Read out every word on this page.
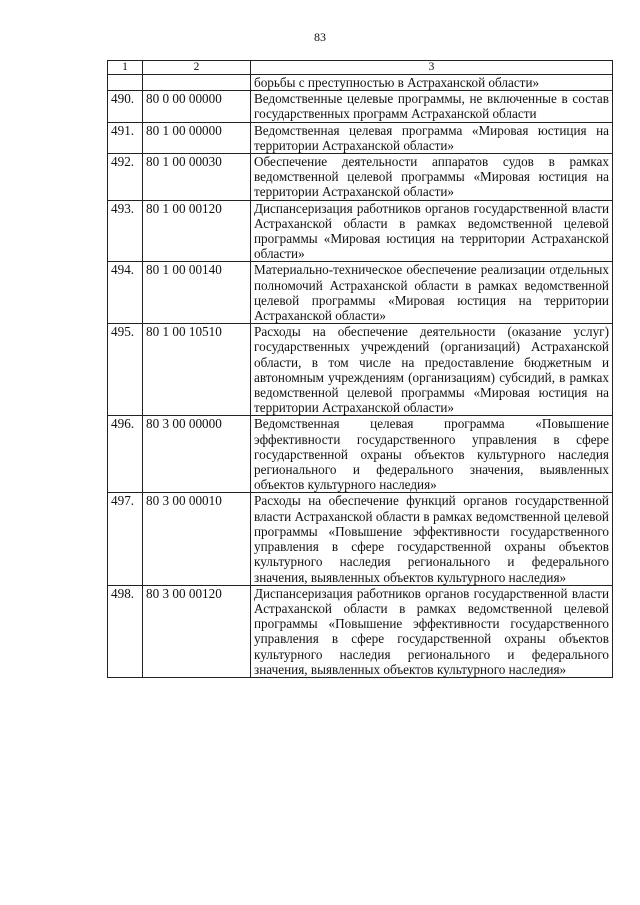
83
1	2	3
		борьбы с преступностью в Астраханской области»
490.	80 0 00 00000	Ведомственные целевые программы, не включенные в состав государственных программ Астраханской области
491.	80 1 00 00000	Ведомственная целевая программа «Мировая юстиция на территории Астраханской области»
492.	80 1 00 00030	Обеспечение деятельности аппаратов судов в рамках ведомственной целевой программы «Мировая юстиция на территории Астраханской области»
493.	80 1 00 00120	Диспансеризация работников органов государственной власти Астраханской области в рамках ведомственной целевой программы «Мировая юстиция на территории Астраханской области»
494.	80 1 00 00140	Материально-техническое обеспечение реализации отдельных полномочий Астраханской области в рамках ведомственной целевой программы «Мировая юстиция на территории Астраханской области»
495.	80 1 00 10510	Расходы на обеспечение деятельности (оказание услуг) государственных учреждений (организаций) Астраханской области, в том числе на предоставление бюджетным и автономным учреждениям (организациям) субсидий, в рамках ведомственной целевой программы «Мировая юстиция на территории Астраханской области»
496.	80 3 00 00000	Ведомственная целевая программа «Повышение эффективности государственного управления в сфере государственной охраны объектов культурного наследия регионального и федерального значения, выявленных объектов культурного наследия»
497.	80 3 00 00010	Расходы на обеспечение функций органов государственной власти Астраханской области в рамках ведомственной целевой программы «Повышение эффективности государственного управления в сфере государственной охраны объектов культурного наследия регионального и федерального значения, выявленных объектов культурного наследия»
498.	80 3 00 00120	Диспансеризация работников органов государственной власти Астраханской области в рамках ведомственной целевой программы «Повышение эффективности государственного управления в сфере государственной охраны объектов культурного наследия регионального и федерального значения, выявленных объектов культурного наследия»
